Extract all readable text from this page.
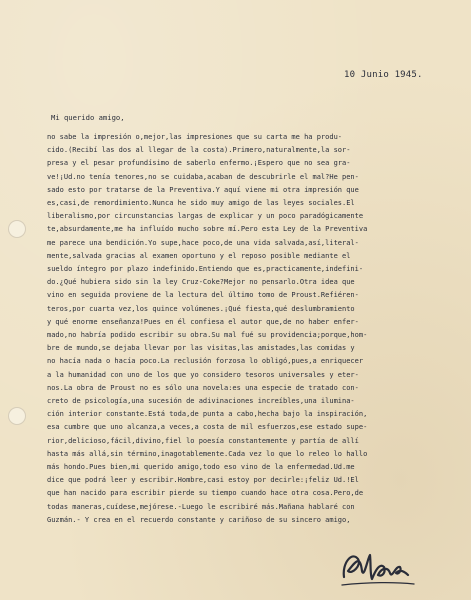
10 Junio 1945.
Mi querido amigo,
no sabe la impresión o,mejor,las impresiones que su carta me ha produ-
cido.(Recibí las dos al llegar de la costa).Primero,naturalmente,la sor-
presa y el pesar profundísimo de saberlo enfermo.¡Espero que no sea gra-
ve!¡Ud.no tenía tenores,no se cuidaba,acaban de descubrirle el mal?He pen-
sado esto por tratarse de la Preventiva.Y aquí viene mi otra impresión que
es,casi,de remordimiento.Nunca he sido muy amigo de las leyes sociales.El
liberalismo,por circunstancias largas de explicar y un poco paradógicamente
te,absurdamente,me ha influído mucho sobre mí.Pero esta Ley de la Preventiva
me parece una bendición.Yo supe,hace poco,de una vida salvada,así,literal-
mente,salvada gracias al examen oportuno y el reposo posible mediante el
sueldo íntegro por plazo indefinido.Entiendo que es,practicamente,indefini-
do.¿Qué hubiera sido sin la ley Cruz-Coke?Mejor no pensarlo.Otra idea que
vino en seguida proviene de la lectura del último tomo de Proust.Refiéren-
teros,por cuarta vez,los quince volúmenes.¡Qué fiesta,qué deslumbramiento
y qué enorme enseñanza!Pues en él confiesa el autor que,de no haber enfer-
mado,no habría podido escribir su obra.Su mal fué su providencia;porque,hom-
bre de mundo,se dejaba llevar por las visitas,las amistades,las comidas y
no hacía nada o hacía poco.La reclusión forzosa lo obligó,pues,a enriquecer
a la humanidad con uno de los que yo considero tesoros universales y eter-
nos.La obra de Proust no es sólo una novela:es una especie de tratado con-
creto de psicología,una sucesión de adivinaciones increíbles,una ilumina-
ción interior constante.Está toda,de punta a cabo,hecha bajo la inspiración,
esa cumbre que uno alcanza,a veces,a costa de mil esfuerzos,ese estado supe-
rior,delicioso,fácil,divino,fiel lo poesía constantemente y partía de allí
hasta más allá,sin término,inagotablemente.Cada vez lo que lo releo lo hallo
más hondo.Pues bien,mi querido amigo,todo eso vino de la enfermedad.Ud.me
dice que podrá leer y escribir.Hombre,casi estoy por decirle:¡feliz Ud.!El
que han nacido para escribir pierde su tiempo cuando hace otra cosa.Pero,de
todas maneras,cuídese,mejórese.-Luego le escribiré más.Mañana hablaré con
Guzmán.- Y crea en el recuerdo constante y cariñoso de su sincero amigo,
